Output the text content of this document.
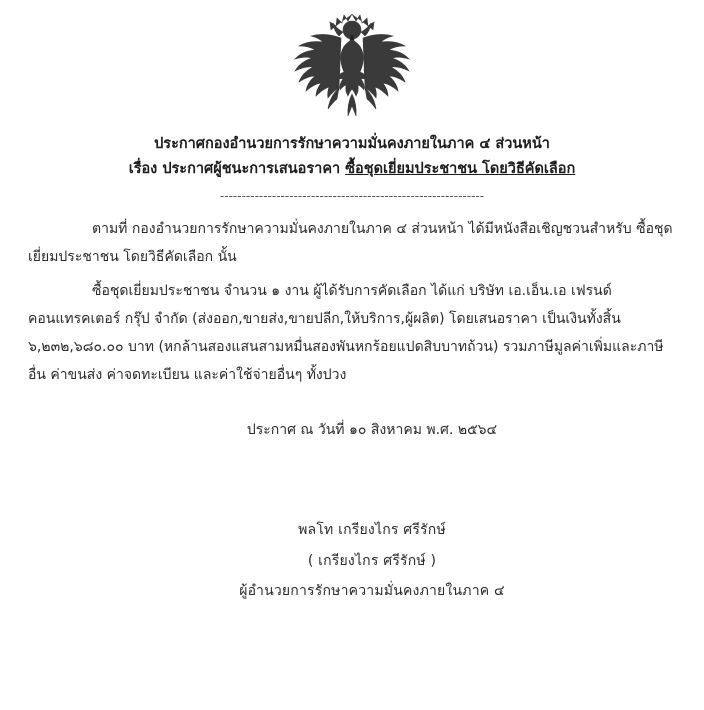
ประกาศกองอำนวยการรักษาความมั่นคงภายในภาค ๔ ส่วนหน้า
เรื่อง ประกาศผู้ชนะการเสนอราคา ซื้อชุดเยี่ยมประชาชน โดยวิธีคัดเลือก
-------------------------------------------------------------

ตามที่ กองอำนวยการรักษาความมั่นคงภายในภาค ๔ ส่วนหน้า ได้มีหนังสือเชิญชวนสำหรับ ซื้อชุดเยี่ยมประชาชน โดยวิธีคัดเลือก นั้น

ซื้อชุดเยี่ยมประชาชน จำนวน ๑ งาน ผู้ได้รับการคัดเลือก ได้แก่ บริษัท เอ.เอ็น.เอ เฟรนด์ คอนแทรคเตอร์ กรุ๊ป จำกัด (ส่งออก,ขายส่ง,ขายปลีก,ให้บริการ,ผู้ผลิต) โดยเสนอราคา เป็นเงินทั้งสิ้น ๖,๒๓๒,๖๘๐.๐๐ บาท (หกล้านสองแสนสามหมื่นสองพันหกร้อยแปดสิบบาทถ้วน) รวมภาษีมูลค่าเพิ่มและภาษีอื่น ค่าขนส่ง ค่าจดทะเบียน และค่าใช้จ่ายอื่นๆ ทั้งปวง

ประกาศ ณ วันที่ ๑๐ สิงหาคม พ.ศ. ๒๕๖๔
พลโท เกรียงไกร ศรีรักษ์
( เกรียงไกร ศรีรักษ์ )
ผู้อำนวยการรักษาความมั่นคงภายในภาค ๔
